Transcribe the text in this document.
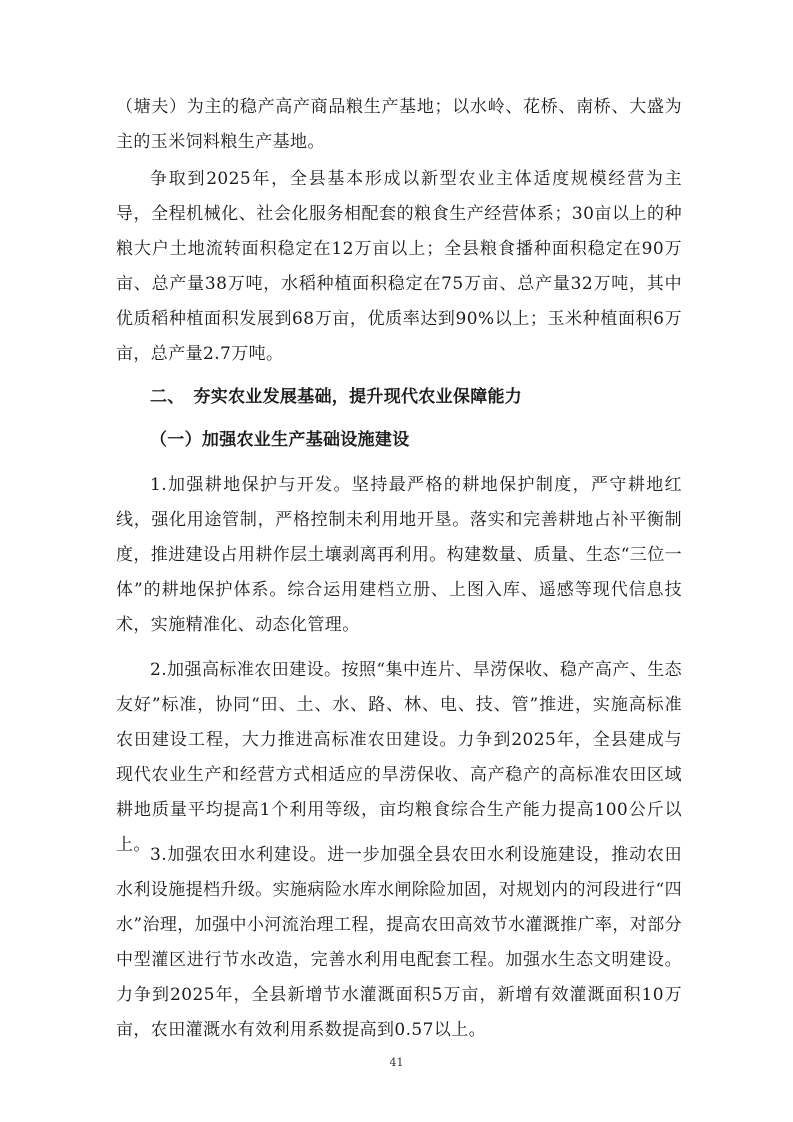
（塘夫）为主的稳产高产商品粮生产基地；以水岭、花桥、南桥、大盛为主的玉米饲料粮生产基地。

争取到2025年，全县基本形成以新型农业主体适度规模经营为主导，全程机械化、社会化服务相配套的粮食生产经营体系；30亩以上的种粮大户土地流转面积稳定在12万亩以上；全县粮食播种面积稳定在90万亩、总产量38万吨，水稻种植面积稳定在75万亩、总产量32万吨，其中优质稻种植面积发展到68万亩，优质率达到90%以上；玉米种植面积6万亩，总产量2.7万吨。

二、　夯实农业发展基础，提升现代农业保障能力
（一）加强农业生产基础设施建设

1.加强耕地保护与开发。坚持最严格的耕地保护制度，严守耕地红线，强化用途管制，严格控制未利用地开垦。落实和完善耕地占补平衡制度，推进建设占用耕作层土壤剥离再利用。构建数量、质量、生态“三位一体”的耕地保护体系。综合运用建档立册、上图入库、遥感等现代信息技术，实施精准化、动态化管理。

2.加强高标准农田建设。按照“集中连片、旱涝保收、稳产高产、生态友好”标准，协同“田、土、水、路、林、电、技、管”推进，实施高标准农田建设工程，大力推进高标准农田建设。力争到2025年，全县建成与现代农业生产和经营方式相适应的旱涝保收、高产稳产的高标准农田区域耕地质量平均提高1个利用等级，亩均粮食综合生产能力提高100公斤以上。 3.加强农田水利建设。进一步加强全县农田水利设施建设，推动农田水利设施提档升级。实施病险水库水闸除险加固，对规划内的河段进行“四水”治理，加强中小河流治理工程，提高农田高效节水灌溉推广率，对部分中型灌区进行节水改造，完善水利用电配套工程。加强水生态文明建设。力争到2025年，全县新增节水灌溉面积5万亩，新增有效灌溉面积10万亩，农田灌溉水有效利用系数提高到0.57以上。

41
